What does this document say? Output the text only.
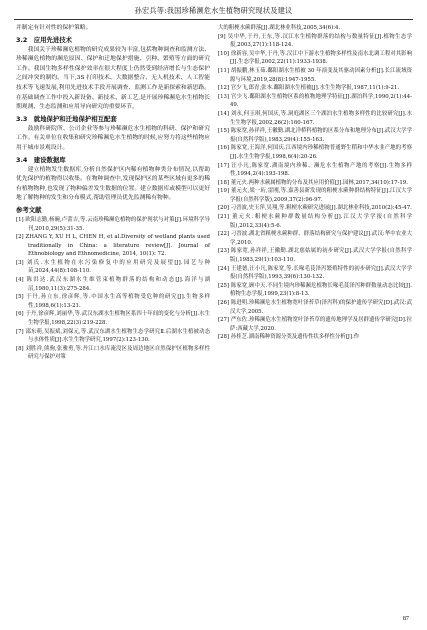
孙宏兵等:我国珍稀濒危水生植物研究现状及建议

并制定有针对性的保护策略。

3.2　应用先进技术

我国关于珍稀濒危植物的研究成果较为丰富,包括物种调查和监测方法、珍稀濒危植物的濒危原因、保护和迁地保护措施、引种、繁殖等方面的研究工作。我国生物多样性保护效率在很大程度上仍然受到经济增长与生态保护之间冲突的制约。当下,3S 打印技术、大数据整合、无人机技术、人工智能技术等飞速发展,利用先进技术手段开展调查、监测工作是新探索和新思路。在基础调查工作中投入新设备、新技术、新工艺,是开展珍稀濒危水生植物长期观测、生态监测和应用导向研究的重要环节。

3.3　就地保护和迁地保护相互配套

鼓励科研院所、公司企业等参与珍稀濒危水生植物的科研、保护和研究工作。有关单位在收集和研究珍稀濒危水生植物的时候,应努力将这些植物应用于城市景观设计。

3.4　建设数据库

建立植物发生数据库,分析自然保护区内稀有植物种类分布情况,以帮助优先保护的植物得以收集。在物种调查中,发现保护区的某些区域有更多的稀有植物物种,也发现了物种偏差发生数据的位置。建立数据库或模型可以更好地了解物种的发生和分布模式,帮助管理员优先监测稀有物种。

参考文献

[1] 欧阳志勤,杨碗,卢蕾吉,等.云南珍稀濒危植物的保护现状与对策[J].环境科学导刊,2010,29(5):31-35.

[2] ZHANG Y, XU H L, CHEN H, et al.Diversity of wetland plants used traditionally in China: a literature review[J]. Journal of Ethnobiology and Ethnomedicine, 2014, 10(1): 72.

[3] 刘氏.水生植物在水污染修复中的应用研究及展望[J].园艺与种苗,2024,44(8):108-110.

[4] 陈洪达.武汉东湖水生维管束植物群落的结构和动态[J].海洋与湖沼,1980,11(3):275-284.

[5] 于丹,孙立东,徐彦辉,等.中国水生高等植物受危种的研究[J].生物多样性,1998,6(1):13-21.

[6] 于丹,徐彦辉,刘丽华,等.武汉东湖水生植物区系四十年间的变化与分析[J].水生生物学报,1998,22(3):219-228.

[7] 邵东萌,吴振斌,刘保元,等.武汉东湖水生植物生态学研究Ⅱ.后湖水生植被动态与水体性质[J].水生生物学研究,1997(2):123-130.

[8] 刘胜祥,熊驹,张雅勇,等.丹江口水库淹没区及周边地区自然保护区植物多样性研究与保护对策

大的粗梗水蕨群落[J].湖北林业科技,2005,34(6):4.

[9] 吴中华,于丹,王东,等.汉江水生植物群落的结构与数量特征[J].植物生态学报,2003,27(1):118-124.

[10] 徐新容,吴中华,于丹,等.汉江中下游水生植物多样性及南水北调工程对其影响[J].生态学报,2002,22(11):1933-1938.

[11] 胡振鹏,林玉茹.鄱阳湖水生植被 30 年演变及其驱动因素分析[J].长江流域资源与环境,2019,28(8):1947-1955.

[12] 官少飞,郎青,张本.鄱阳湖水生植被[J].水生生物学报,1987,11(1):9-21.

[13] 官少飞.鄱阳湖水生植物区系的植物地理学特征[J].湖泊科学,1990,2(1):44-49.

[14] 刘永,何玉琪,何国庆,等.洞庭湖区三个湖泊水生植物多样性的比较研究[J].水生生物学报,2002,26(2):160-167.

[15] 陈家宽,孙祥祥,王徽勤.湖北洋桥科植物的区系分布和地理分布[J].武汉大学学报(自然科学版),1983,29(4):155-163.

[16] 陈家宽,王海洋,何国庆.江西境内珍稀植物普通野生稻和中华水韭产地的考察[J].水生生物学报,1998,6(4):20-26.

[17] 汪小凡,陈家宽.湖南境内珍稀、濒危水生植物产地的考察[J].生物多样性,1994,2(4):193-198.

[18] 董元火.两种水蕨属植物的分布及其应用价值[J].园林,2017,34(10):17-19.

[19] 董元火,梁一珩,雷刚,等.嘉善县新发现的粗梗水蕨种群结构特征[J].江汉大学学报(自然科学版),2009,37(2):96-97.

[20] 刁晋波,史玉萍,吴翔,等.粗梗水蕨研究进展[J].湖北林业科技,2010(2):45-47.

[21] 董元火.粗梗水蕨种群数量结构分析[J].江汉大学学报(自然科学版),2012,33(4):5-6.

[22] 刁晋波.湖北省粗梗水蕨种群、群落结构研究与保护建议[J].武汉:华中农业大学,2010.

[23] 陈家宽,孙祥祥,王徽勤.湖北慈姑属的初步研究[J].武汉大学学报(自然科学版),1983,29(1):103-110.

[24] 王建德,汪小凡,陈家宽,等.长喙毛茛泽泻繁殖特性的初步研究[J].武汉大学学报(自然科学版),1993,39(6):130-132.

[25] 陈家宽,顾中天.不同生境内珍稀濒危植物长喙毛茛泽泻种群数量动态比较[J].植物生态学报,1999,23(1):8-13.

[26] 陈进明.珍稀濒危水生植物宽叶泽苔草(泽泻科)的保护遗传学研究[D].武汉:武汉大学,2005.

[27] 严东佐.珍稀濒危水生植物宽叶泽苔草的遗传地理学及居群遗传学研究[D].拉萨:西藏大学,2020.

[28] 孙桂芝.湖南稀种资源分类及遗传性状多样性分析[J].作

87
